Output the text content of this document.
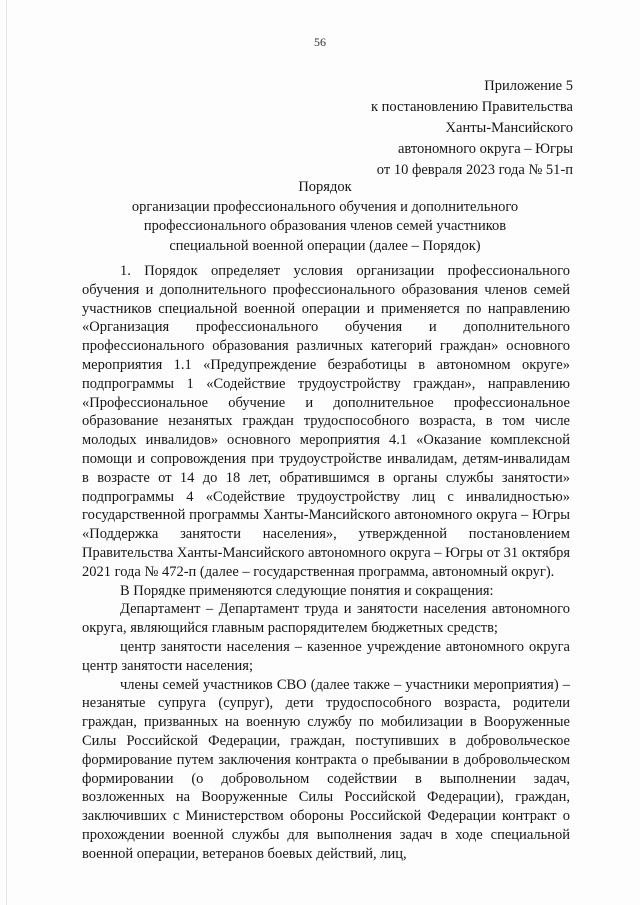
56
Приложение 5
к постановлению Правительства
Ханты-Мансийского
автономного округа – Югры
от 10 февраля 2023 года № 51-п
Порядок
организации профессионального обучения и дополнительного
профессионального образования членов семей участников
специальной военной операции (далее – Порядок)

1. Порядок определяет условия организации профессионального обучения и дополнительного профессионального образования членов семей участников специальной военной операции и применяется по направлению «Организация профессионального обучения и дополнительного профессионального образования различных категорий граждан» основного мероприятия 1.1 «Предупреждение безработицы в автономном округе» подпрограммы 1 «Содействие трудоустройству граждан», направлению «Профессиональное обучение и дополнительное профессиональное образование незанятых граждан трудоспособного возраста, в том числе молодых инвалидов» основного мероприятия 4.1 «Оказание комплексной помощи и сопровождения при трудоустройстве инвалидам, детям-инвалидам в возрасте от 14 до 18 лет, обратившимся в органы службы занятости» подпрограммы 4 «Содействие трудоустройству лиц с инвалидностью» государственной программы Ханты-Мансийского автономного округа – Югры «Поддержка занятости населения», утвержденной постановлением Правительства Ханты-Мансийского автономного округа – Югры от 31 октября 2021 года № 472-п (далее – государственная программа, автономный округ).

В Порядке применяются следующие понятия и сокращения:

Департамент – Департамент труда и занятости населения автономного округа, являющийся главным распорядителем бюджетных средств;

центр занятости населения – казенное учреждение автономного округа центр занятости населения;

члены семей участников СВО (далее также – участники мероприятия) – незанятые супруга (супруг), дети трудоспособного возраста, родители граждан, призванных на военную службу по мобилизации в Вооруженные Силы Российской Федерации, граждан, поступивших в добровольческое формирование путем заключения контракта о пребывании в добровольческом формировании (о добровольном содействии в выполнении задач, возложенных на Вооруженные Силы Российской Федерации), граждан, заключивших с Министерством обороны Российской Федерации контракт о прохождении военной службы для выполнения задач в ходе специальной военной операции, ветеранов боевых действий, лиц,
